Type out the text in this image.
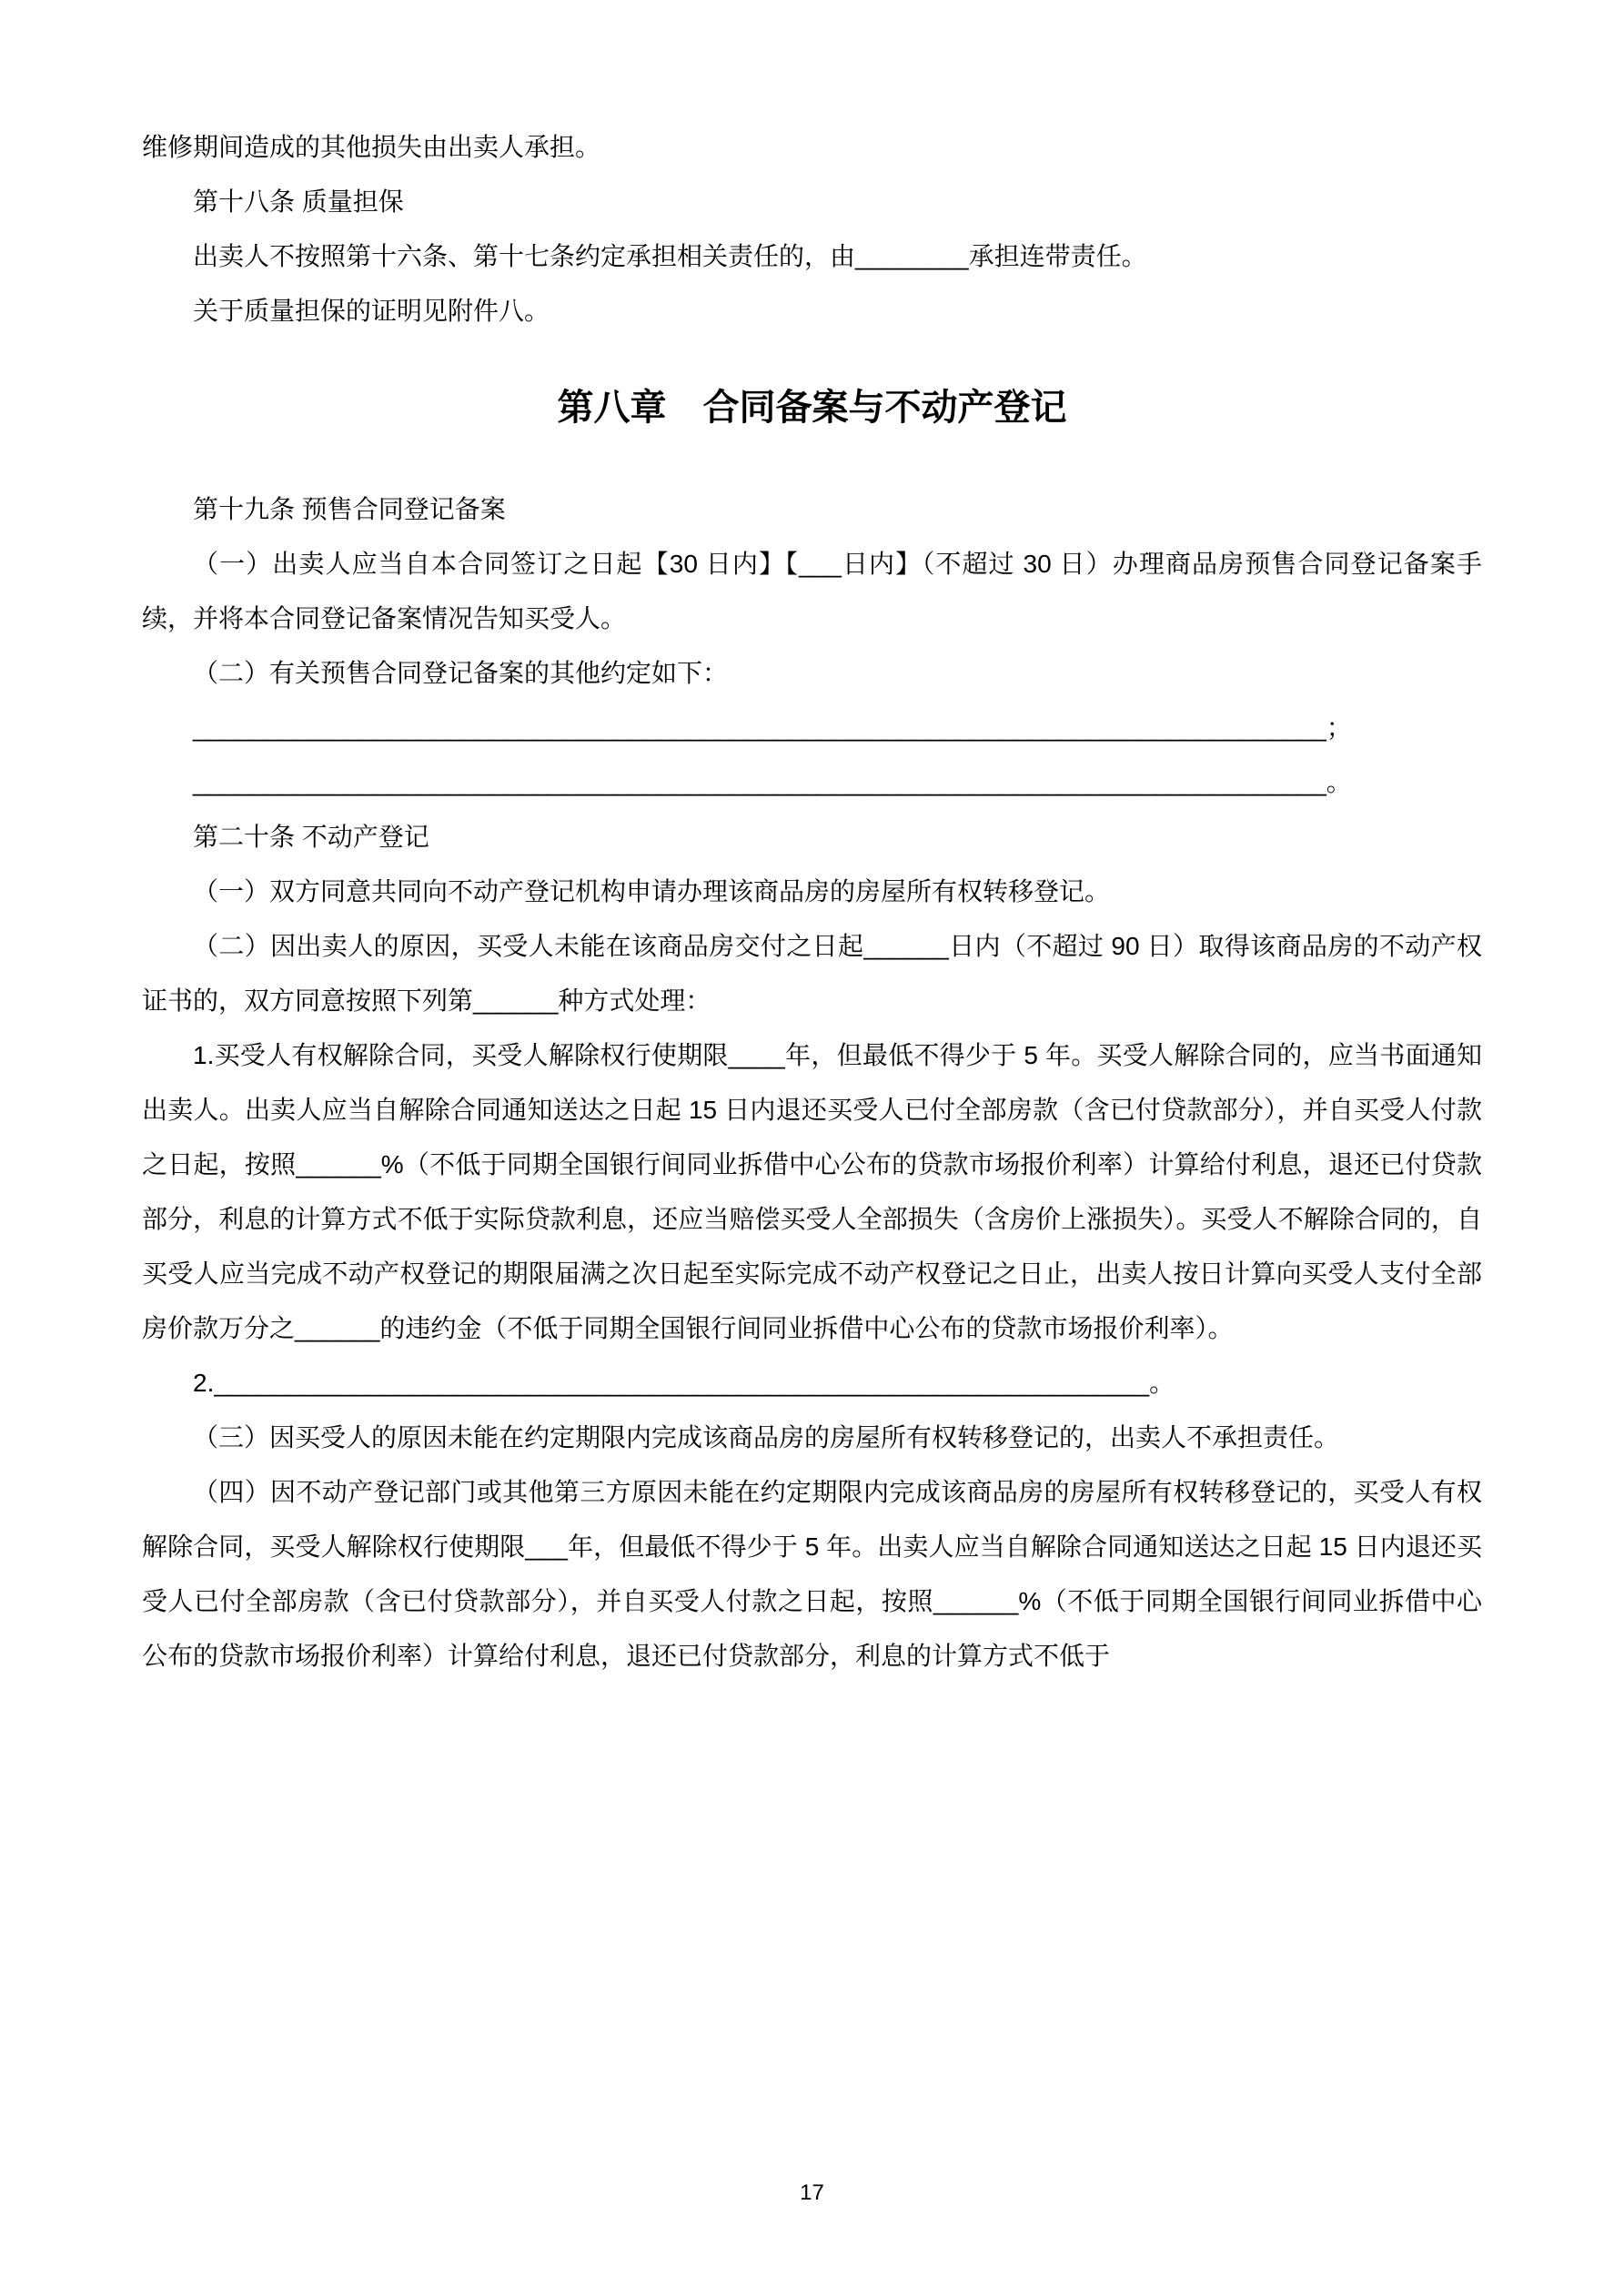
维修期间造成的其他损失由出卖人承担。

第十八条 质量担保

出卖人不按照第十六条、第十七条约定承担相关责任的，由________承担连带责任。

关于质量担保的证明见附件八。

第八章　合同备案与不动产登记

第十九条 预售合同登记备案

（一）出卖人应当自本合同签订之日起【30 日内】【___日内】（不超过 30 日）办理商品房预售合同登记备案手续，并将本合同登记备案情况告知买受人。

（二）有关预售合同登记备案的其他约定如下：

________________________________________________________________________________；

________________________________________________________________________________。

第二十条 不动产登记

（一）双方同意共同向不动产登记机构申请办理该商品房的房屋所有权转移登记。

（二）因出卖人的原因，买受人未能在该商品房交付之日起______日内（不超过 90 日）取得该商品房的不动产权证书的，双方同意按照下列第______种方式处理：

1.买受人有权解除合同，买受人解除权行使期限____年，但最低不得少于 5 年。买受人解除合同的，应当书面通知出卖人。出卖人应当自解除合同通知送达之日起 15 日内退还买受人已付全部房款（含已付贷款部分），并自买受人付款之日起，按照______%（不低于同期全国银行间同业拆借中心公布的贷款市场报价利率）计算给付利息，退还已付贷款部分，利息的计算方式不低于实际贷款利息，还应当赔偿买受人全部损失（含房价上涨损失）。买受人不解除合同的，自买受人应当完成不动产权登记的期限届满之次日起至实际完成不动产权登记之日止，出卖人按日计算向买受人支付全部房价款万分之______的违约金（不低于同期全国银行间同业拆借中心公布的贷款市场报价利率）。

2.__________________________________________________________________。

（三）因买受人的原因未能在约定期限内完成该商品房的房屋所有权转移登记的，出卖人不承担责任。

（四）因不动产登记部门或其他第三方原因未能在约定期限内完成该商品房的房屋所有权转移登记的，买受人有权解除合同，买受人解除权行使期限___年，但最低不得少于 5 年。出卖人应当自解除合同通知送达之日起 15 日内退还买受人已付全部房款（含已付贷款部分），并自买受人付款之日起，按照______%（不低于同期全国银行间同业拆借中心公布的贷款市场报价利率）计算给付利息，退还已付贷款部分，利息的计算方式不低于

17
